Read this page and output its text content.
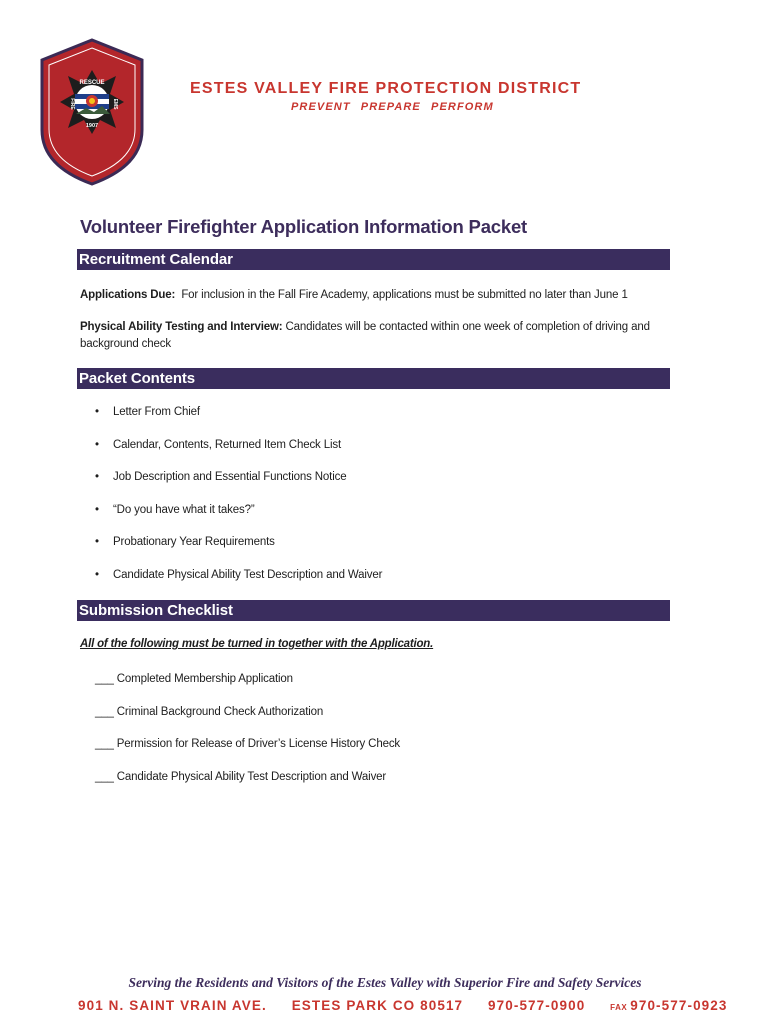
RESCUE
FIRE	EMS
1907
ESTES VALLEY FIRE PROTECTION DISTRICT
PREVENT PREPARE PERFORM
Volunteer Firefighter Application Information Packet
Recruitment Calendar
Applications Due: For inclusion in the Fall Fire Academy, applications must be submitted no later than June 1
Physical Ability Testing and Interview: Candidates will be contacted within one week of completion of driving and background check
Packet Contents
• Letter From Chief
• Calendar, Contents, Returned Item Check List
• Job Description and Essential Functions Notice
• “Do you have what it takes?”
• Probationary Year Requirements
• Candidate Physical Ability Test Description and Waiver
Submission Checklist
All of the following must be turned in together with the Application.
___ Completed Membership Application
___ Criminal Background Check Authorization
___ Permission for Release of Driver’s License History Check
___ Candidate Physical Ability Test Description and Waiver
Serving the Residents and Visitors of the Estes Valley with Superior Fire and Safety Services
901 N. SAINT VRAIN AVE. ESTES PARK CO 80517 970-577-0900	FAX 970-577-0923
